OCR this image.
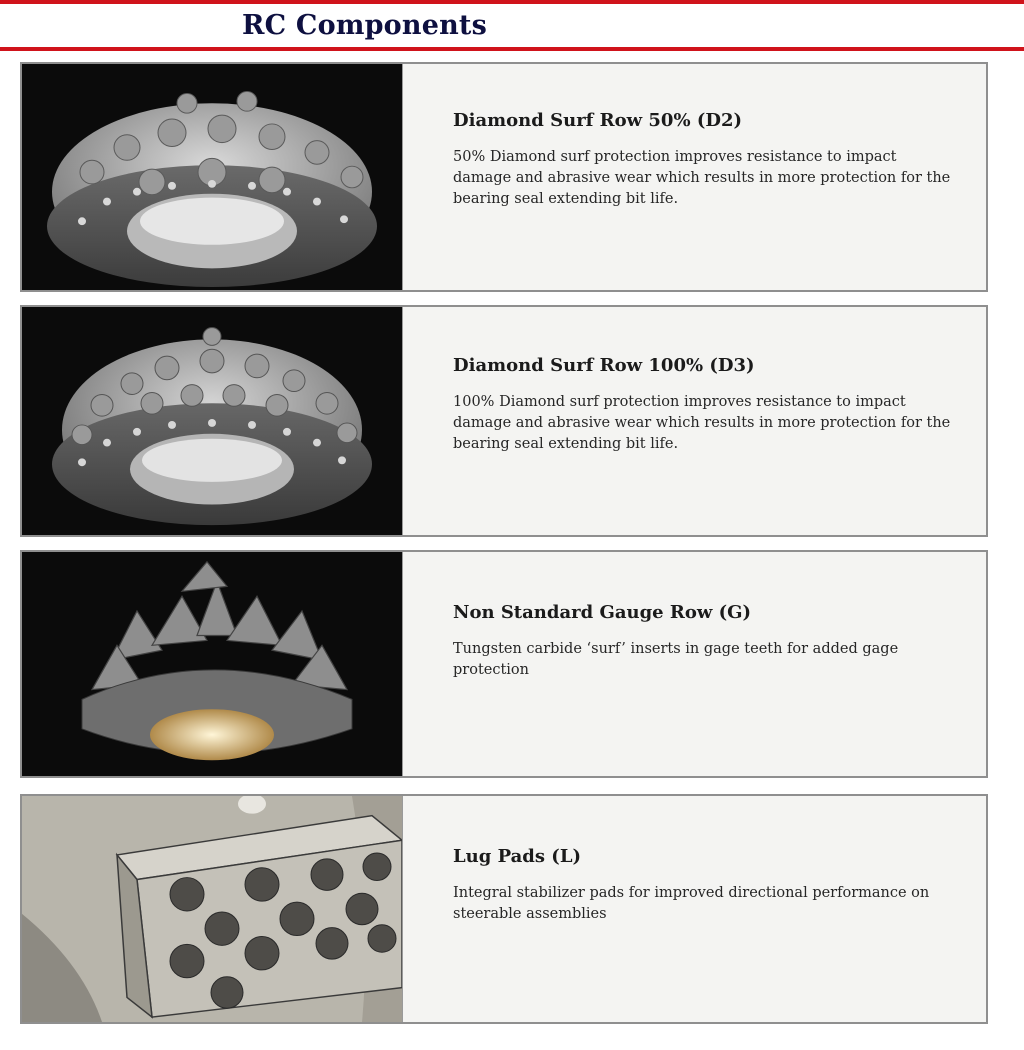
RC Components
Diamond Surf Row 50% (D2)

50% Diamond surf protection improves resistance to impact damage and abrasive wear which results in more protection for the bearing seal extending bit life.

Diamond Surf Row 100% (D3)

100% Diamond surf protection improves resistance to impact damage and abrasive wear which results in more protection for the bearing seal extending bit life.

Non Standard Gauge Row (G)

Tungsten carbide ‘surf’ inserts in gage teeth for added gage protection

Lug Pads (L)

Integral stabilizer pads for improved directional performance on steerable assemblies
